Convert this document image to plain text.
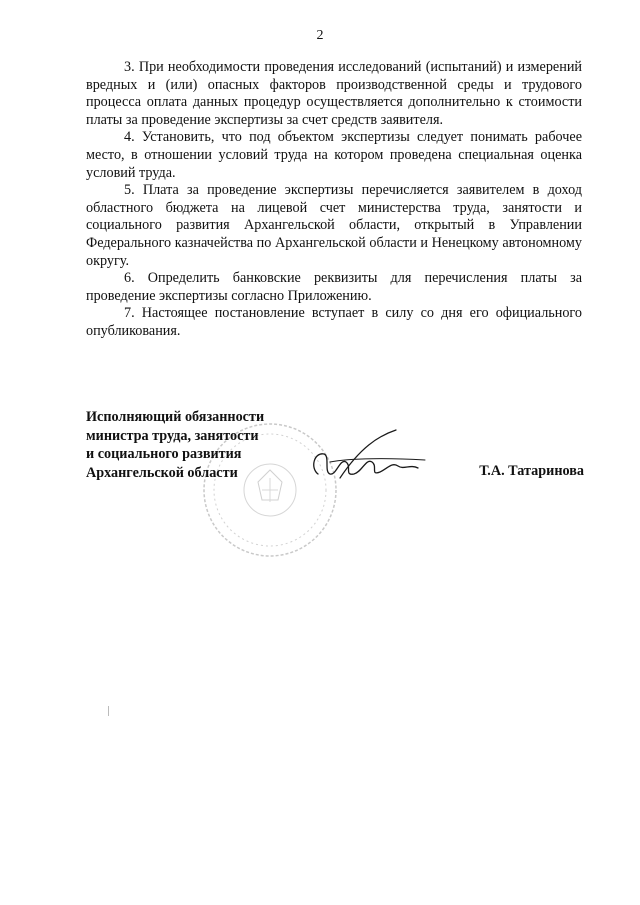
2

3. При необходимости проведения исследований (испытаний) и измерений вредных и (или) опасных факторов производственной среды и трудового процесса оплата данных процедур осуществляется дополнительно к стоимости платы за проведение экспертизы за счет средств заявителя.

4. Установить, что под объектом экспертизы следует понимать рабочее место, в отношении условий труда на котором проведена специальная оценка условий труда.

5. Плата за проведение экспертизы перечисляется заявителем в доход областного бюджета на лицевой счет министерства труда, занятости и социального развития Архангельской области, открытый в Управлении Федерального казначейства по Архангельской области и Ненецкому автономному округу.

6. Определить банковские реквизиты для перечисления платы за проведение экспертизы согласно Приложению.

7. Настоящее постановление вступает в силу со дня его официального опубликования.

Исполняющий обязанности
министра труда, занятости
и социального развития
Архангельской области	Т.А. Татаринова
